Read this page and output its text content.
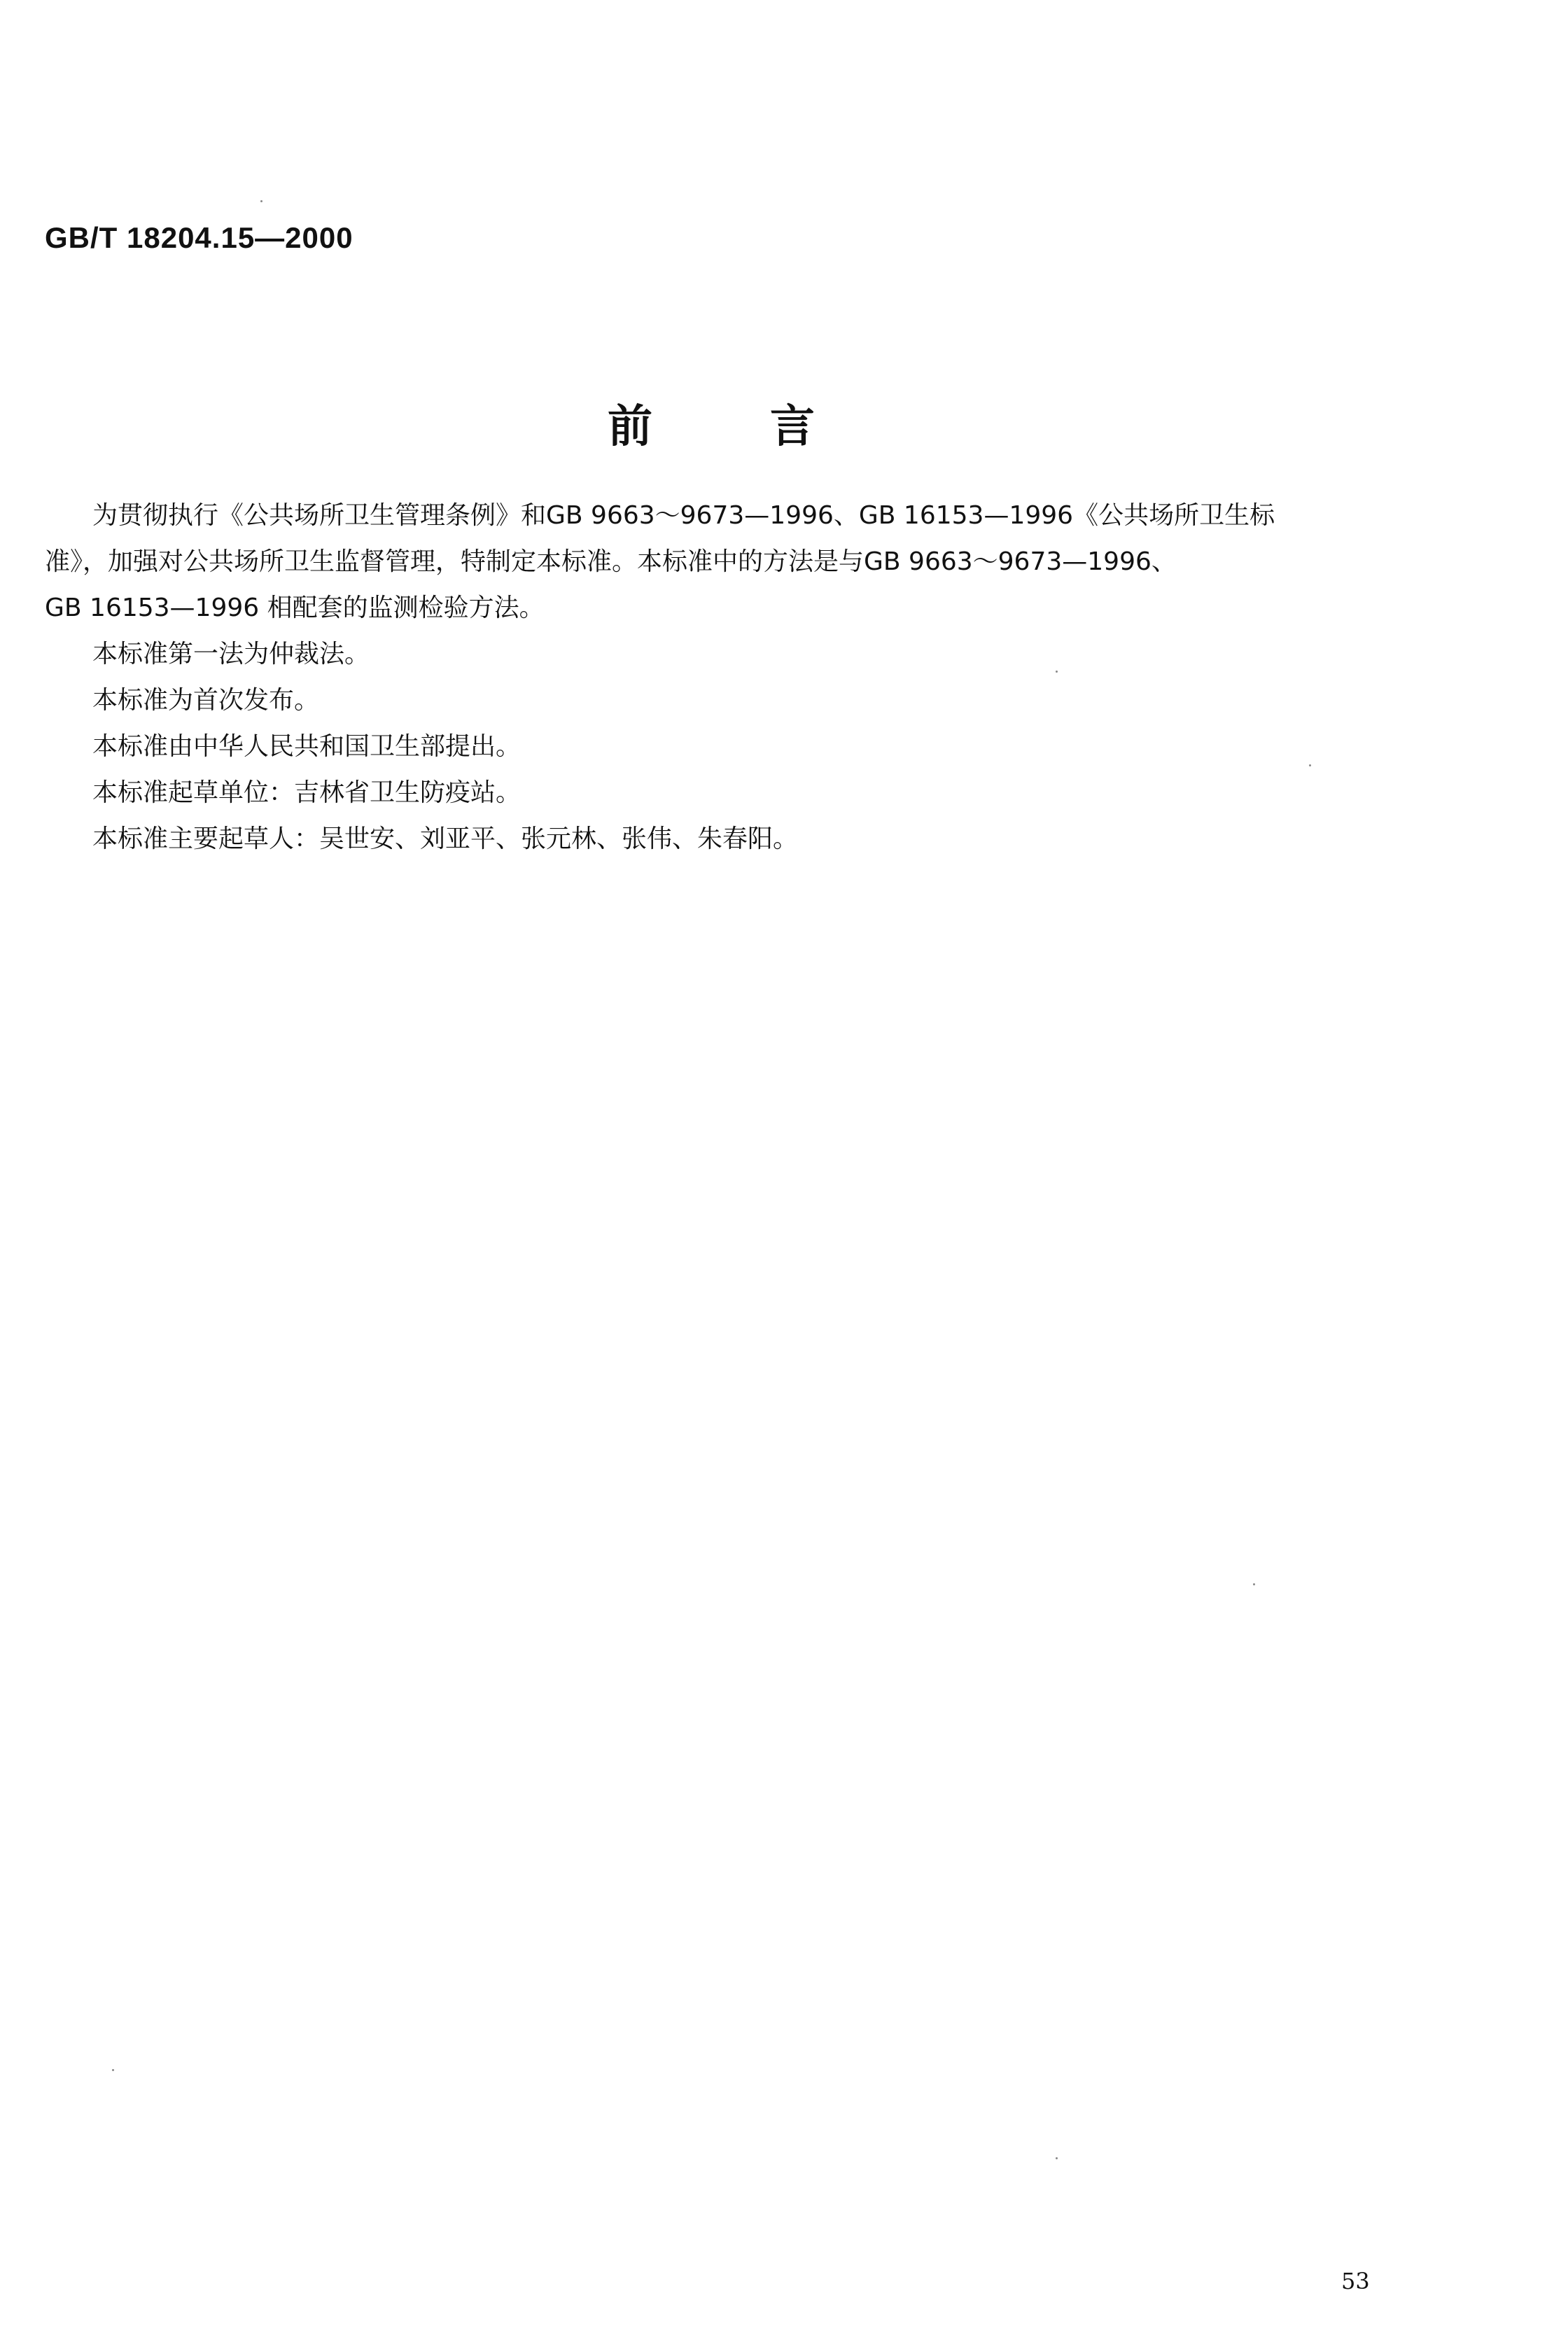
GB/T 18204.15—2000
前言

为贯彻执行《公共场所卫生管理条例》和GB 9663～9673—1996、GB 16153—1996《公共场所卫生标
准》，加强对公共场所卫生监督管理，特制定本标准。本标准中的方法是与GB 9663～9673—1996、
GB 16153—1996 相配套的监测检验方法。

本标准第一法为仲裁法。

本标准为首次发布。

本标准由中华人民共和国卫生部提出。

本标准起草单位：吉林省卫生防疫站。

本标准主要起草人：吴世安、刘亚平、张元林、张伟、朱春阳。

53
